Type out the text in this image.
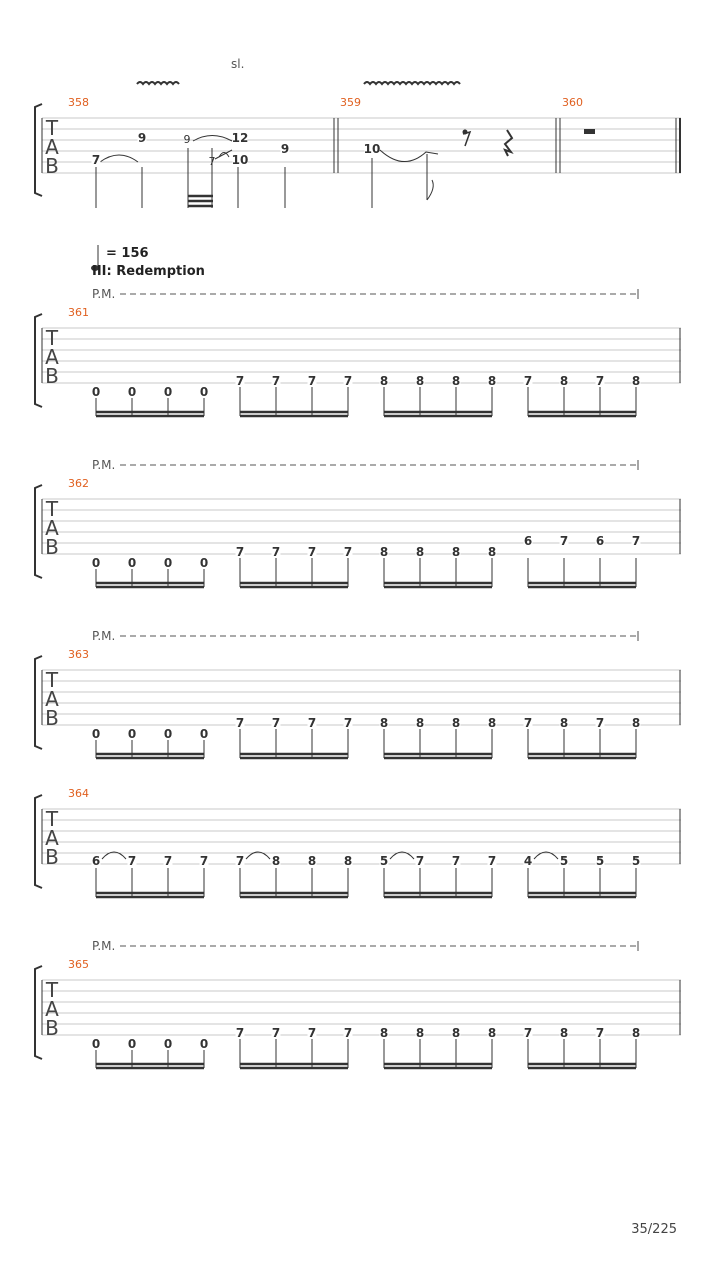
T
A
B
358	359	360
sl.
7
9	9	12
7 10
9	10
= 156
III: Redemption
P.M.
T
A
B
361
0 0 0 0
7 7 7 7 8 8 8 8 7 8 7 8
P.M.
T
A
B
362
0 0 0 0
7 7 7 7 8 8 8 8
6 7 6 7
P.M.
T
A
B
363
0 0 0 0
7 7 7 7 8 8 8 8 7 8 7 8
T
A
B
364
6 7 7 7 7 8 8 8 5 7 7 7 4 5 5 5
P.M.
T
A
B
365
0 0 0 0
7 7 7 7 8 8 8 8 7 8 7 8
35/225
